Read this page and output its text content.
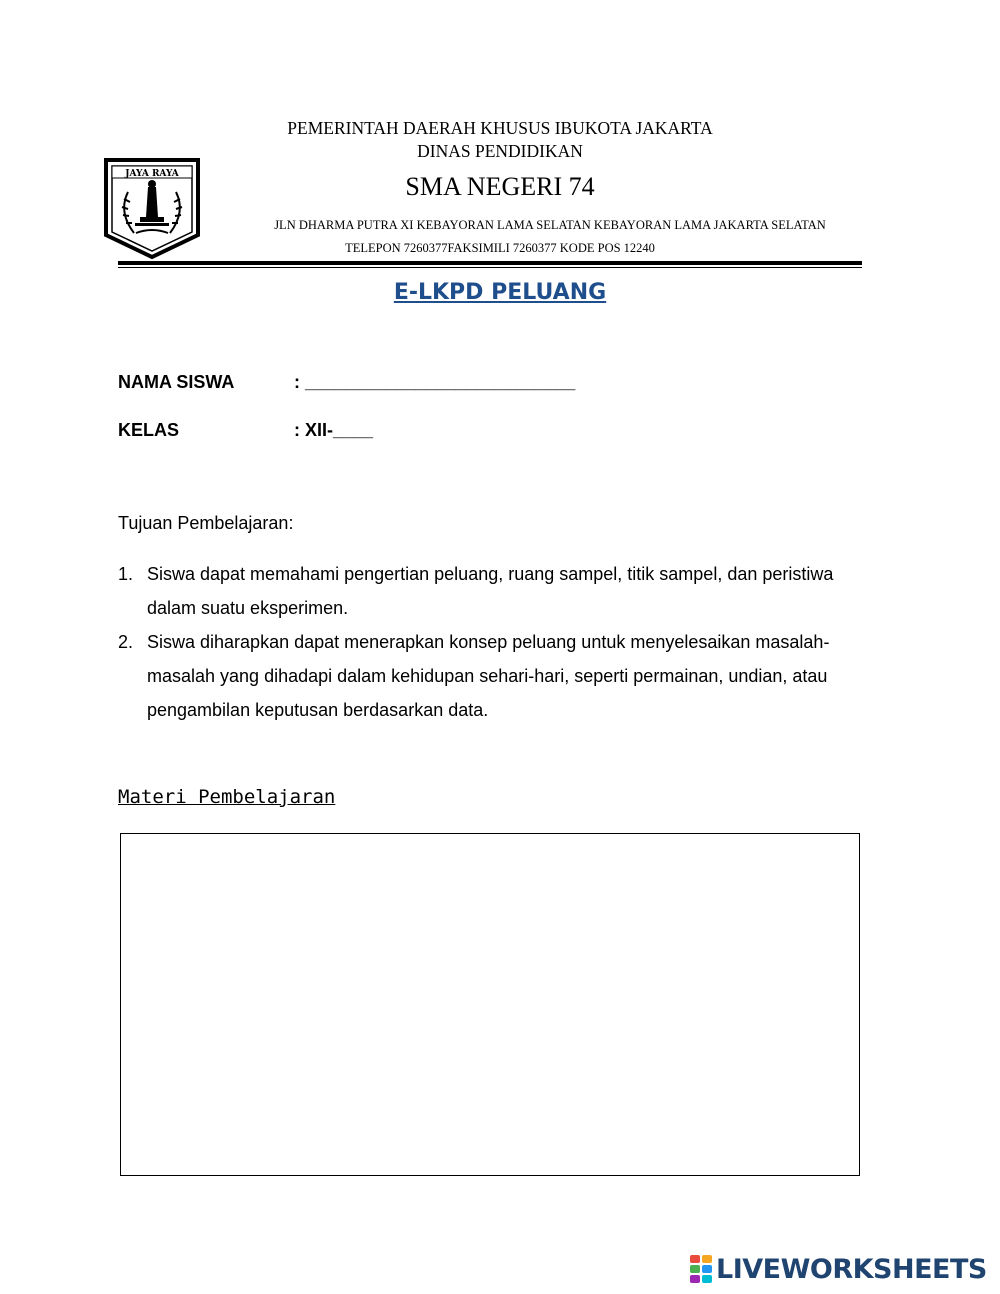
PEMERINTAH DAERAH KHUSUS IBUKOTA JAKARTA
DINAS PENDIDIKAN
JAYA RAYA	SMA NEGERI 74
JLN DHARMA PUTRA XI KEBAYORAN LAMA SELATAN KEBAYORAN LAMA JAKARTA SELATAN
TELEPON 7260377FAKSIMILI 7260377 KODE POS 12240
E-LKPD PELUANG
NAMA SISWA	: ___________________________
KELAS	: XII-____
Tujuan Pembelajaran:
1. Siswa dapat memahami pengertian peluang, ruang sampel, titik sampel, dan peristiwa dalam suatu eksperimen.
2. Siswa diharapkan dapat menerapkan konsep peluang untuk menyelesaikan masalah-masalah yang dihadapi dalam kehidupan sehari-hari, seperti permainan, undian, atau pengambilan keputusan berdasarkan data.
Materi Pembelajaran
LIVEWORKSHEETS
